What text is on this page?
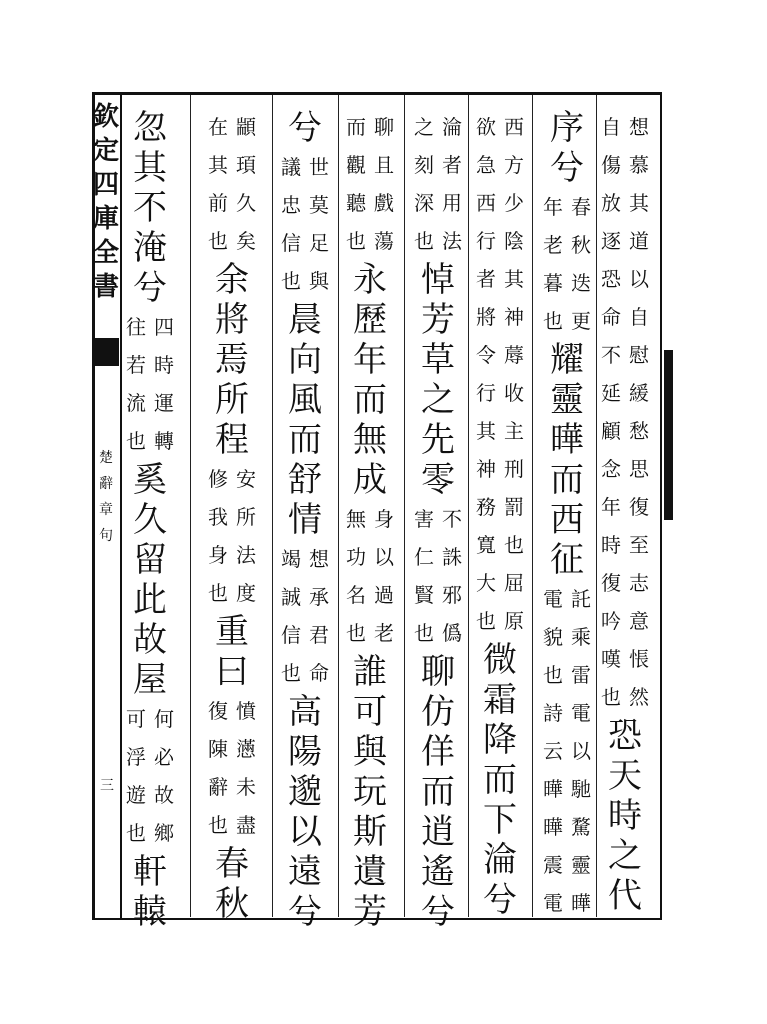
欽
定
四
庫
全
書
楚
辭
章
句
三
想
慕
其
道
以
自
慰
緩
愁
思
復
至
志
意
悵
然
自
傷
放
逐
恐
命
不
延
顧
念
年
時
復
吟
嘆
也
恐
天
時
之
代
序
兮
春
秋
迭
更
年
老
暮
也
耀
靈
曄
而
西
征
託
乘
雷
電
以
馳
騖
靈
曄
電
貌
也
詩
云
曄
曄
震
電
西
方
少
陰
其
神
蓐
收
主
刑
罰
也
屈
原
欲
急
西
行
者
將
令
行
其
神
務
寬
大
也
微
霜
降
而
下
淪
兮
淪
者
用
法
之
刻
深
也
悼
芳
草
之
先
零
不
誅
邪
僞
害
仁
賢
也
聊
仿
佯
而
逍
遙
兮
聊
且
戲
蕩
而
觀
聽
也
永
歷
年
而
無
成
身
以
過
老
無
功
名
也
誰
可
與
玩
斯
遺
芳
兮
世
莫
足
與
議
忠
信
也
晨
向
風
而
舒
情
想
承
君
命
竭
誠
信
也
高
陽
邈
以
遠
兮
顓
頊
久
矣
在
其
前
也
余
將
焉
所
程
安
所
法
度
修
我
身
也
重
曰
憤
懣
未
盡
復
陳
辭
也
春
秋
忽
其
不
淹
兮
四
時
運
轉
往
若
流
也
奚
久
留
此
故
屋
何
必
故
鄉
可
浮
遊
也
軒
轅
